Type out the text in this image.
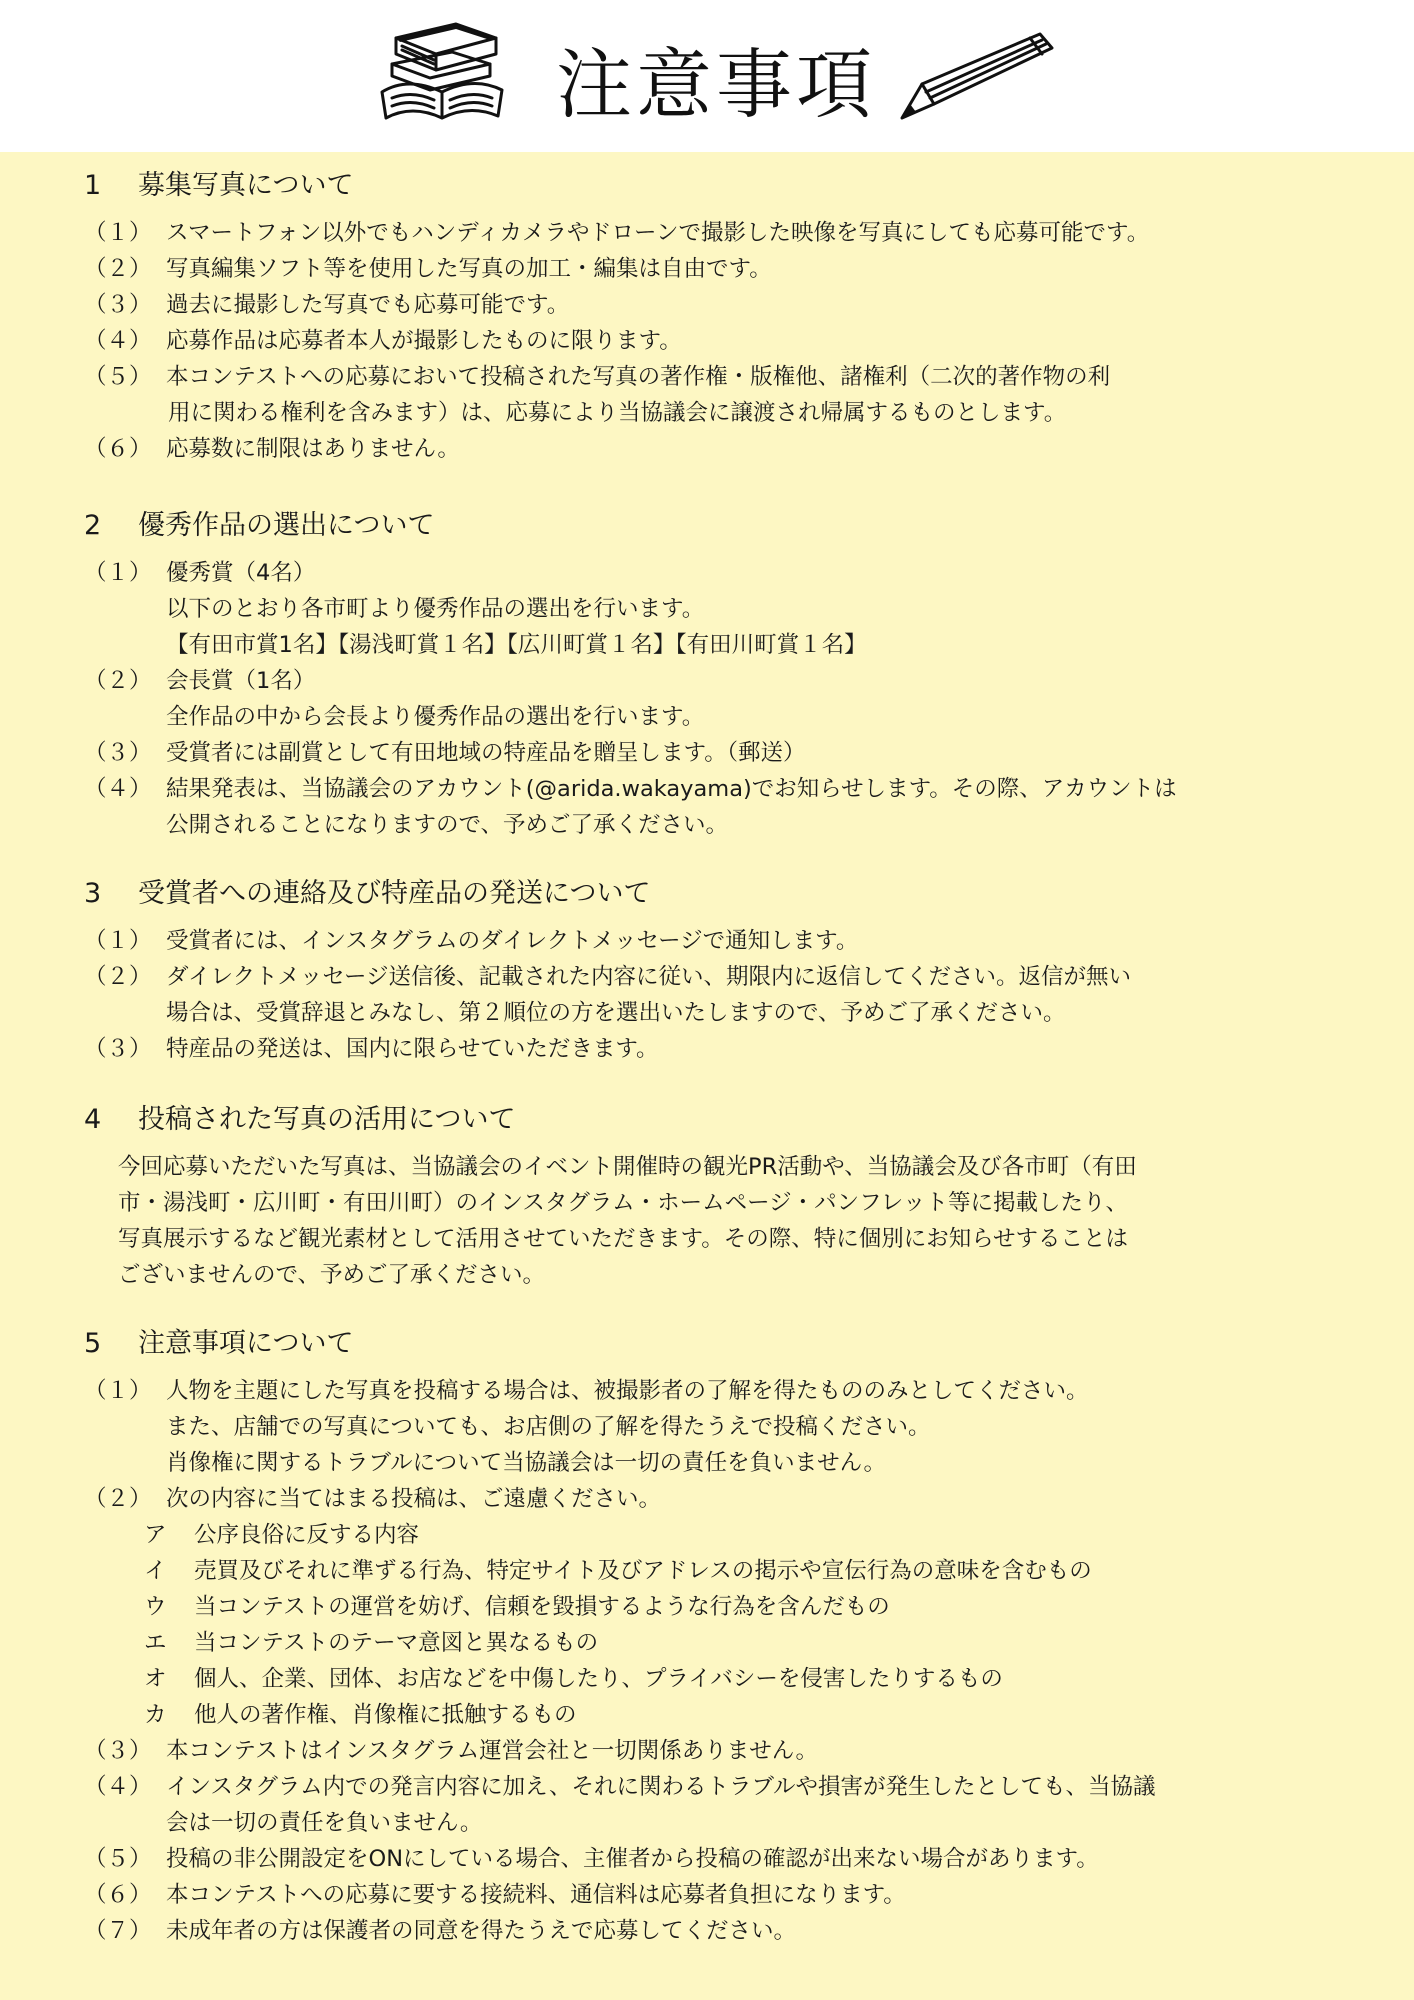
注意事項
1 募集写真について
（１） スマートフォン以外でもハンディカメラやドローンで撮影した映像を写真にしても応募可能です。
（２） 写真編集ソフト等を使用した写真の加工・編集は自由です。
（３） 過去に撮影した写真でも応募可能です。
（４） 応募作品は応募者本人が撮影したものに限ります。
（５） 本コンテストへの応募において投稿された写真の著作権・版権他、諸権利（二次的著作物の利
用に関わる権利を含みます）は、応募により当協議会に譲渡され帰属するものとします。
（６） 応募数に制限はありません。
2 優秀作品の選出について
（１） 優秀賞（4名）
以下のとおり各市町より優秀作品の選出を行います。
【有田市賞1名】【湯浅町賞１名】【広川町賞１名】【有田川町賞１名】
（２） 会長賞（1名）
全作品の中から会長より優秀作品の選出を行います。
（３） 受賞者には副賞として有田地域の特産品を贈呈します。（郵送）
（４） 結果発表は、当協議会のアカウント(@arida.wakayama)でお知らせします。その際、アカウントは
公開されることになりますので、予めご了承ください。
3 受賞者への連絡及び特産品の発送について
（１） 受賞者には、インスタグラムのダイレクトメッセージで通知します。
（２） ダイレクトメッセージ送信後、記載された内容に従い、期限内に返信してください。返信が無い
場合は、受賞辞退とみなし、第２順位の方を選出いたしますので、予めご了承ください。
（３） 特産品の発送は、国内に限らせていただきます。
4 投稿された写真の活用について
今回応募いただいた写真は、当協議会のイベント開催時の観光PR活動や、当協議会及び各市町（有田
市・湯浅町・広川町・有田川町）のインスタグラム・ホームページ・パンフレット等に掲載したり、
写真展示するなど観光素材として活用させていただきます。その際、特に個別にお知らせすることは
ございませんので、予めご了承ください。
5 注意事項について
（１） 人物を主題にした写真を投稿する場合は、被撮影者の了解を得たもののみとしてください。
また、店舗での写真についても、お店側の了解を得たうえで投稿ください。
肖像権に関するトラブルについて当協議会は一切の責任を負いません。
（２） 次の内容に当てはまる投稿は、ご遠慮ください。
ア 公序良俗に反する内容
イ 売買及びそれに準ずる行為、特定サイト及びアドレスの掲示や宣伝行為の意味を含むもの
ウ 当コンテストの運営を妨げ、信頼を毀損するような行為を含んだもの
エ 当コンテストのテーマ意図と異なるもの
オ 個人、企業、団体、お店などを中傷したり、プライバシーを侵害したりするもの
カ 他人の著作権、肖像権に抵触するもの
（３） 本コンテストはインスタグラム運営会社と一切関係ありません。
（４） インスタグラム内での発言内容に加え、それに関わるトラブルや損害が発生したとしても、当協議
会は一切の責任を負いません。
（５） 投稿の非公開設定をONにしている場合、主催者から投稿の確認が出来ない場合があります。
（６） 本コンテストへの応募に要する接続料、通信料は応募者負担になります。
（７） 未成年者の方は保護者の同意を得たうえで応募してください。
